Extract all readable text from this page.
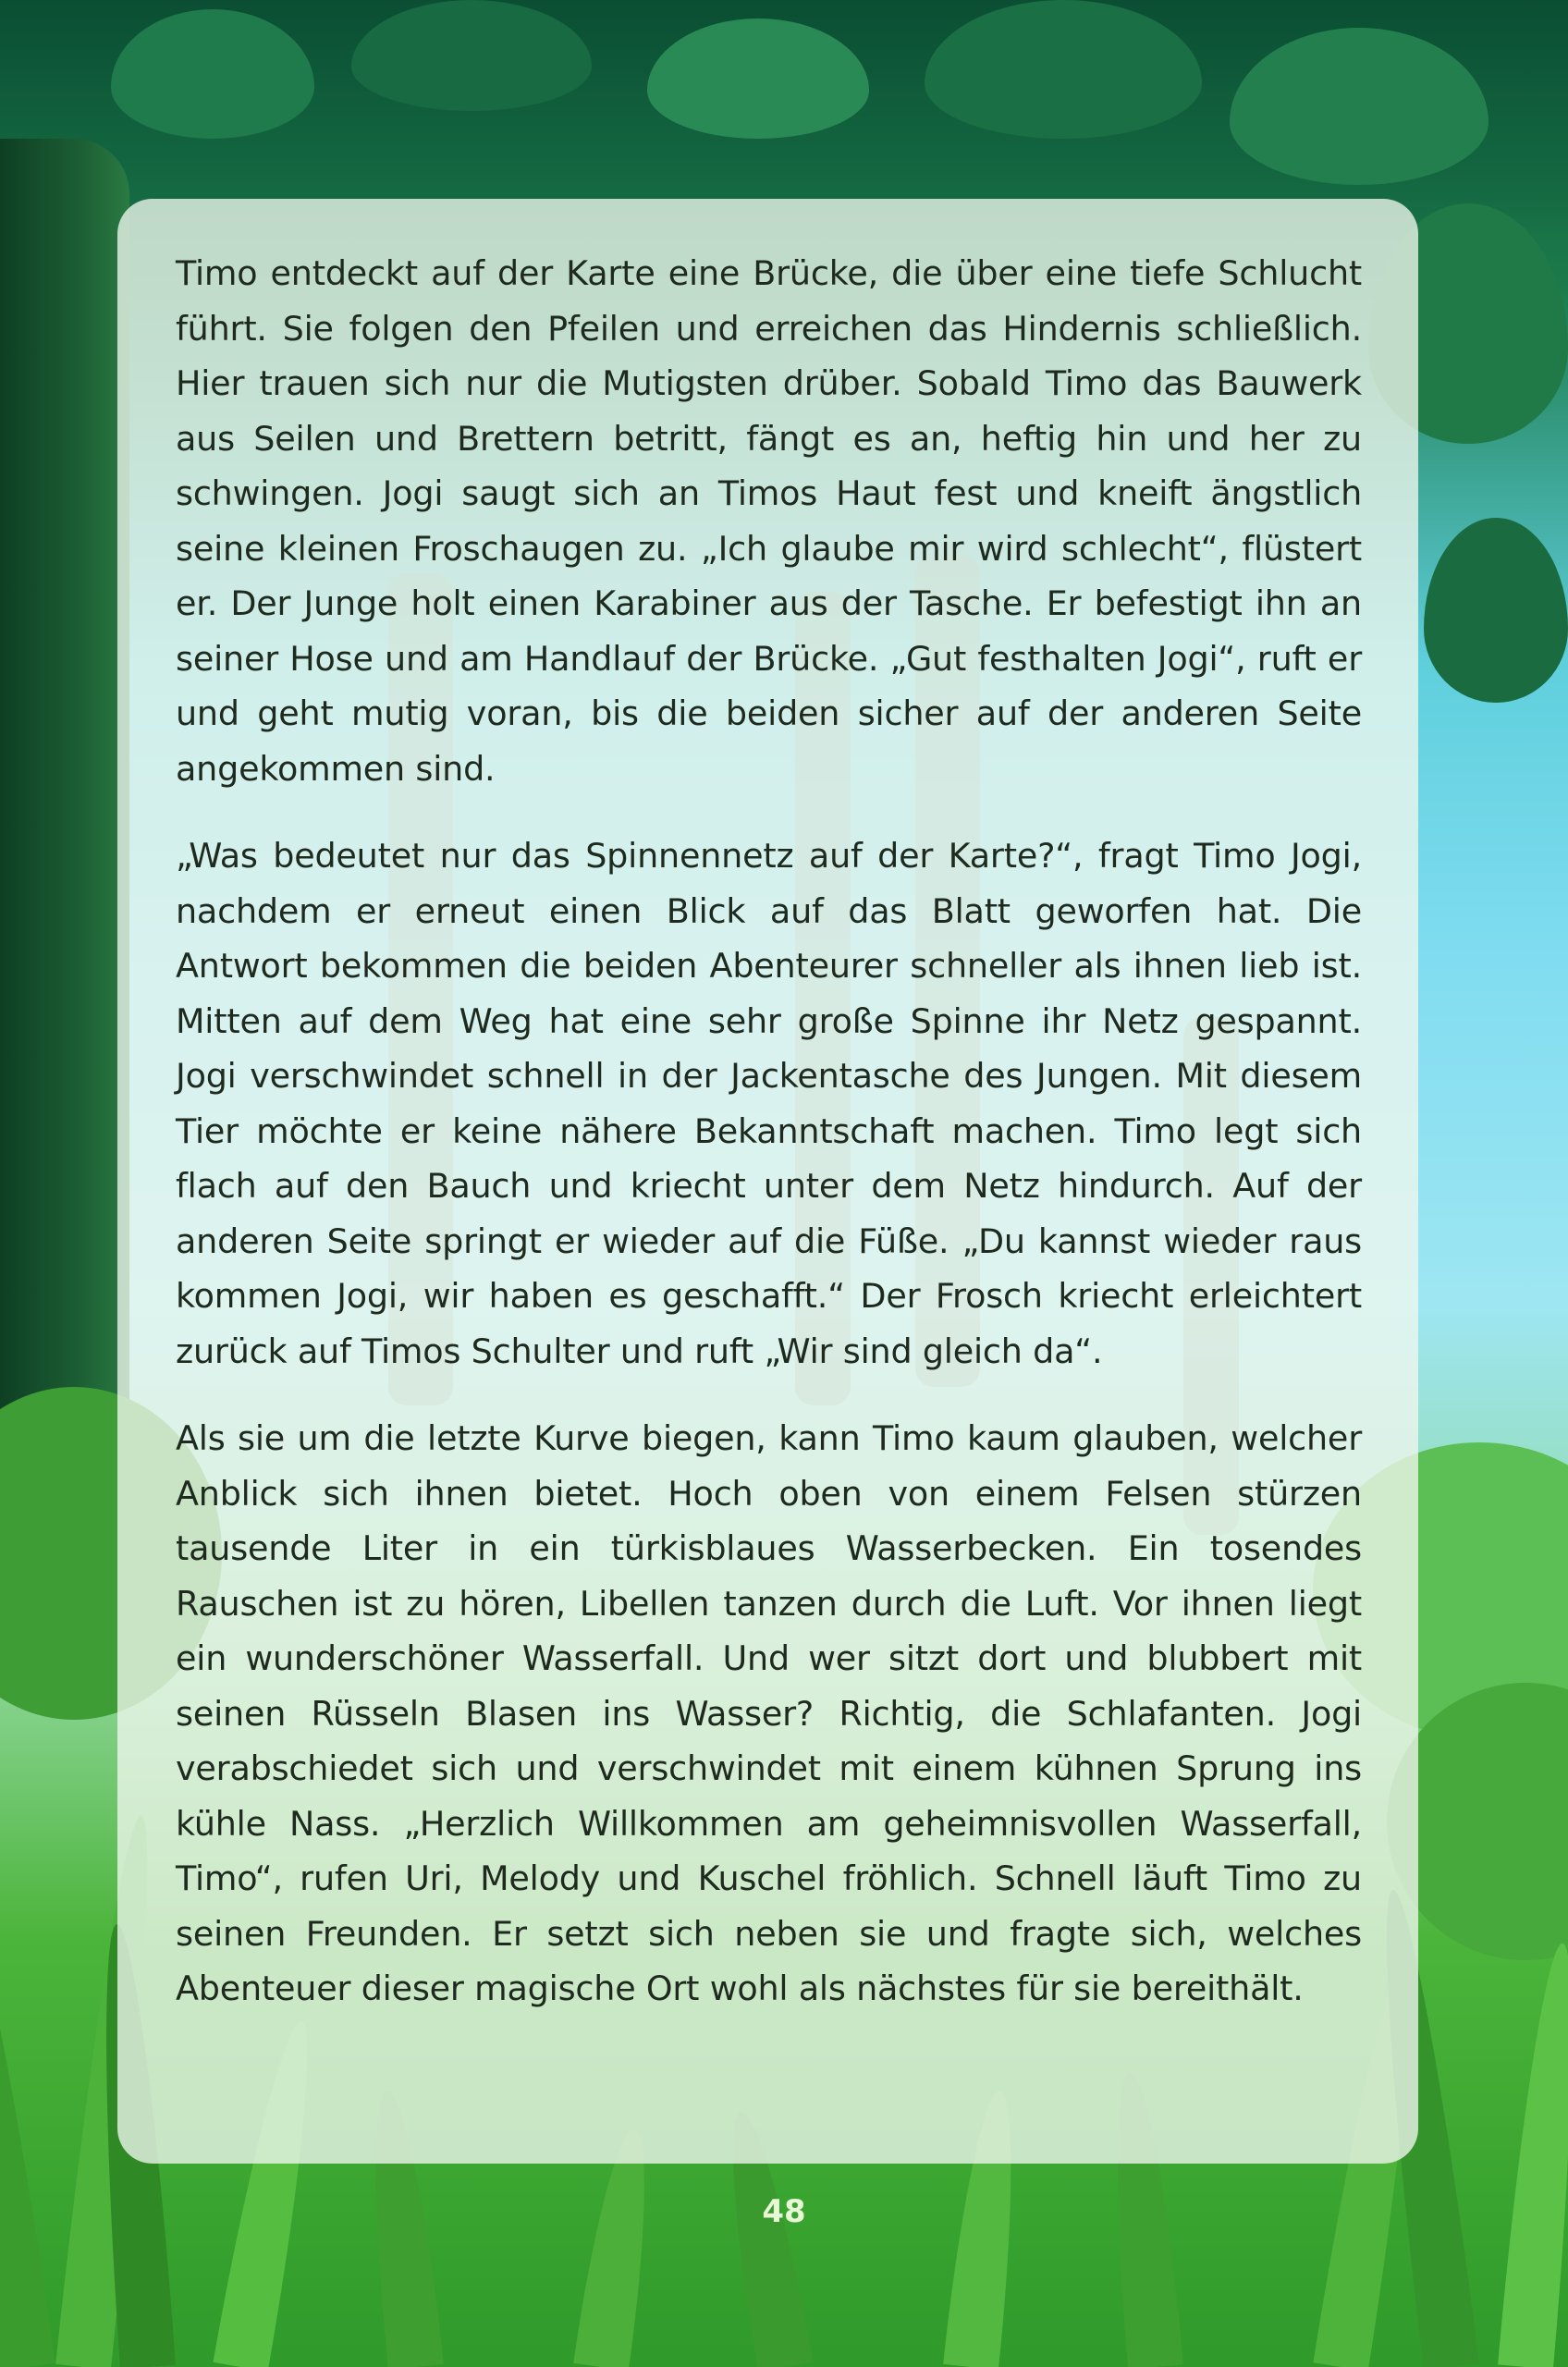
Timo entdeckt auf der Karte eine Brücke, die über eine tiefe Schlucht führt. Sie folgen den Pfeilen und erreichen das Hindernis schließlich. Hier trauen sich nur die Mutigsten drüber. Sobald Timo das Bauwerk aus Seilen und Brettern betritt, fängt es an, heftig hin und her zu schwingen. Jogi saugt sich an Timos Haut fest und kneift ängstlich seine kleinen Froschaugen zu. „Ich glaube mir wird schlecht“, flüstert er. Der Junge holt einen Karabiner aus der Tasche. Er befestigt ihn an seiner Hose und am Handlauf der Brücke. „Gut festhalten Jogi“, ruft er und geht mutig voran, bis die beiden sicher auf der anderen Seite angekommen sind.

„Was bedeutet nur das Spinnennetz auf der Karte?“, fragt Timo Jogi, nachdem er erneut einen Blick auf das Blatt geworfen hat. Die Antwort bekommen die beiden Abenteurer schneller als ihnen lieb ist. Mitten auf dem Weg hat eine sehr große Spinne ihr Netz gespannt. Jogi verschwindet schnell in der Jackentasche des Jungen. Mit diesem Tier möchte er keine nähere Bekanntschaft machen. Timo legt sich flach auf den Bauch und kriecht unter dem Netz hindurch. Auf der anderen Seite springt er wieder auf die Füße. „Du kannst wieder raus kommen Jogi, wir haben es geschafft.“ Der Frosch kriecht erleichtert zurück auf Timos Schulter und ruft „Wir sind gleich da“.

Als sie um die letzte Kurve biegen, kann Timo kaum glauben, welcher Anblick sich ihnen bietet. Hoch oben von einem Felsen stürzen tausende Liter in ein türkisblaues Wasserbecken. Ein tosendes Rauschen ist zu hören, Libellen tanzen durch die Luft. Vor ihnen liegt ein wunderschöner Wasserfall. Und wer sitzt dort und blubbert mit seinen Rüsseln Blasen ins Wasser? Richtig, die Schlafanten. Jogi verabschiedet sich und verschwindet mit einem kühnen Sprung ins kühle Nass. „Herzlich Willkommen am geheimnisvollen Wasserfall, Timo“, rufen Uri, Melody und Kuschel fröhlich. Schnell läuft Timo zu seinen Freunden. Er setzt sich neben sie und fragte sich, welches Abenteuer dieser magische Ort wohl als nächstes für sie bereithält.

48
